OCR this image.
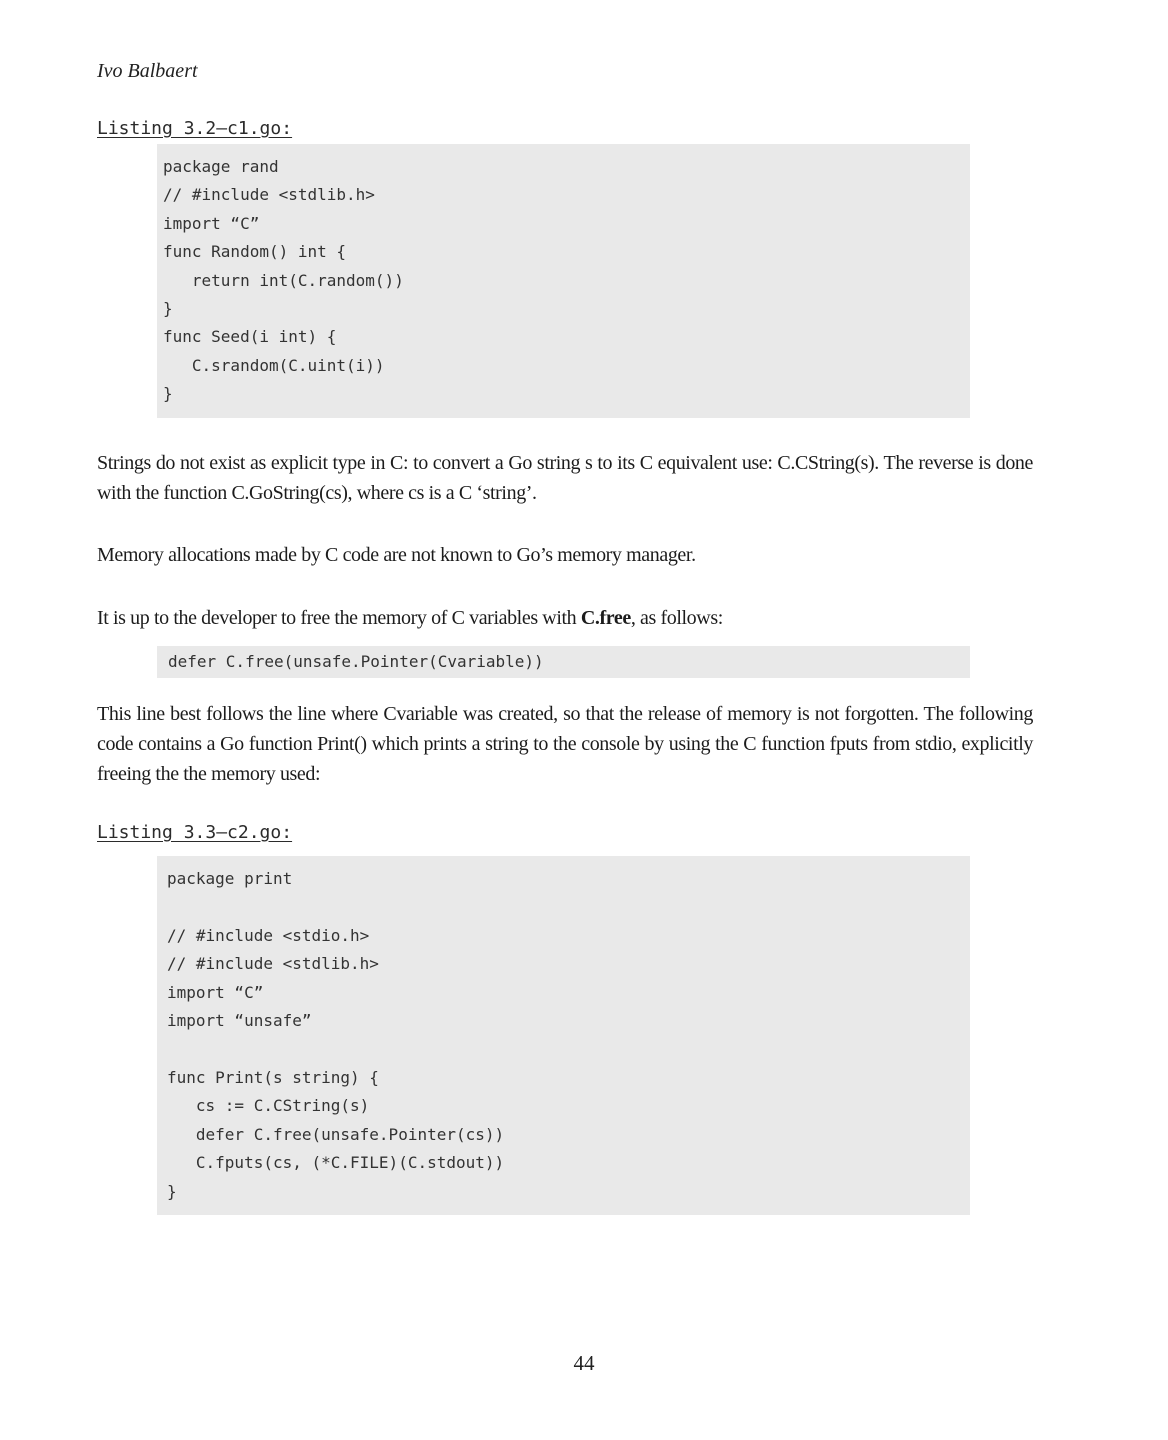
Ivo Balbaert
Listing 3.2—c1.go:
package rand
// #include <stdlib.h>
import “C”
func Random() int {
return int(C.random())
}
func Seed(i int) {
C.srandom(C.uint(i))
}

Strings do not exist as explicit type in C: to convert a Go string s to its C equivalent use: C.CString(s). The reverse is done with the function C.GoString(cs), where cs is a C ‘string’.

Memory allocations made by C code are not known to Go’s memory manager.

It is up to the developer to free the memory of C variables with C.free, as follows:

defer C.free(unsafe.Pointer(Cvariable))

This line best follows the line where Cvariable was created, so that the release of memory is not forgotten. The following code contains a Go function Print() which prints a string to the console by using the C function fputs from stdio, explicitly freeing the the memory used:

Listing 3.3—c2.go:
package print
// #include <stdio.h>
// #include <stdlib.h>
import “C”
import “unsafe”
func Print(s string) {
cs := C.CString(s)
defer C.free(unsafe.Pointer(cs))
C.fputs(cs, (*C.FILE)(C.stdout))
}
44
